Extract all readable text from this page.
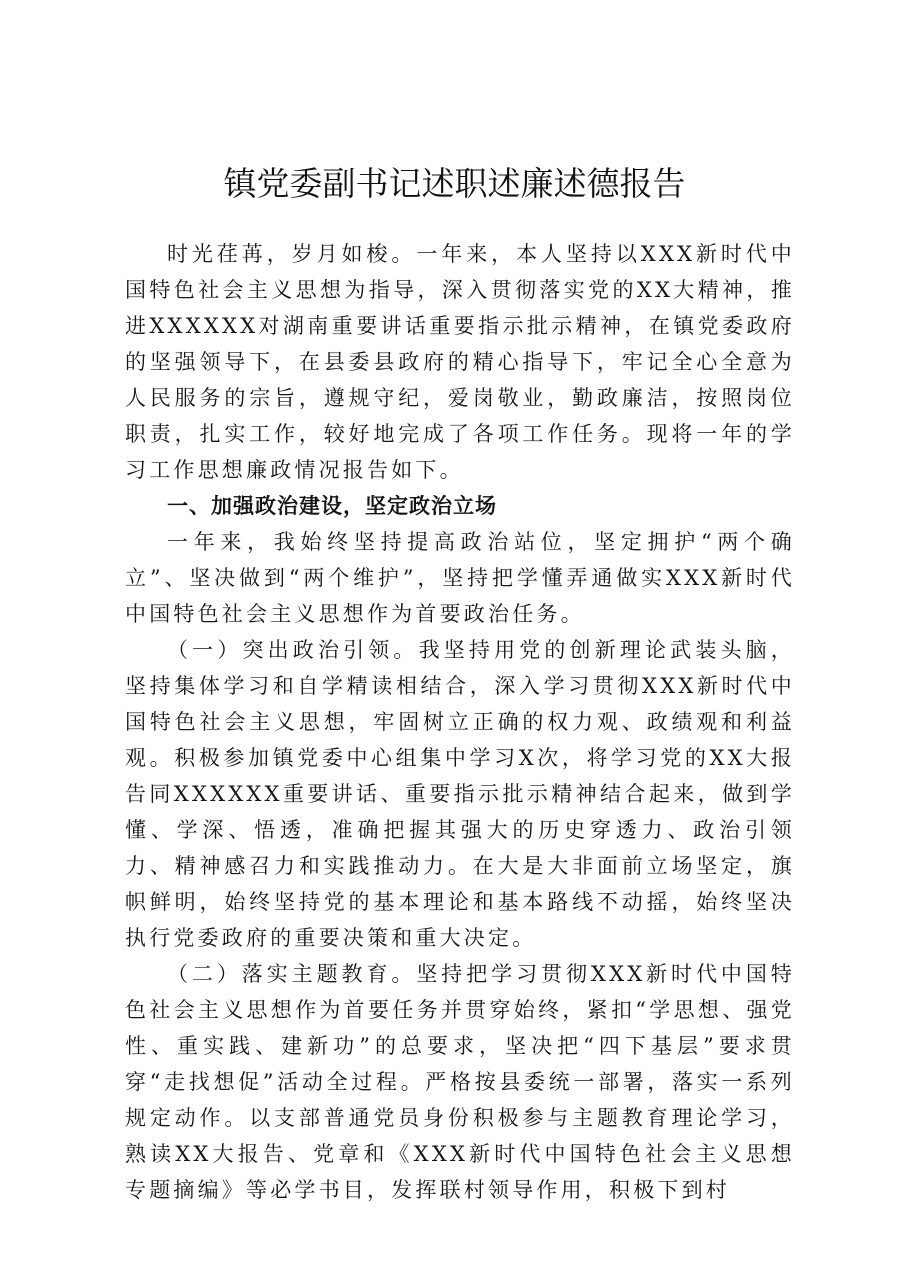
镇党委副书记述职述廉述德报告

时光荏苒，岁月如梭。一年来，本人坚持以XXX新时代中国特色社会主义思想为指导，深入贯彻落实党的XX大精神，推进XXXXXX对湖南重要讲话重要指示批示精神，在镇党委政府的坚强领导下，在县委县政府的精心指导下，牢记全心全意为人民服务的宗旨，遵规守纪，爱岗敬业，勤政廉洁，按照岗位职责，扎实工作，较好地完成了各项工作任务。现将一年的学习工作思想廉政情况报告如下。

一、加强政治建设，坚定政治立场

一年来，我始终坚持提高政治站位，坚定拥护“两个确立”、坚决做到“两个维护”，坚持把学懂弄通做实XXX新时代中国特色社会主义思想作为首要政治任务。

（一）突出政治引领。我坚持用党的创新理论武装头脑，坚持集体学习和自学精读相结合，深入学习贯彻XXX新时代中国特色社会主义思想，牢固树立正确的权力观、政绩观和利益观。积极参加镇党委中心组集中学习X次，将学习党的XX大报告同XXXXXX重要讲话、重要指示批示精神结合起来，做到学懂、学深、悟透，准确把握其强大的历史穿透力、政治引领力、精神感召力和实践推动力。在大是大非面前立场坚定，旗帜鲜明，始终坚持党的基本理论和基本路线不动摇，始终坚决执行党委政府的重要决策和重大决定。

（二）落实主题教育。坚持把学习贯彻XXX新时代中国特色社会主义思想作为首要任务并贯穿始终，紧扣“学思想、强党性、重实践、建新功”的总要求，坚决把“四下基层”要求贯穿“走找想促”活动全过程。严格按县委统一部署，落实一系列规定动作。以支部普通党员身份积极参与主题教育理论学习，熟读XX大报告、党章和《XXX新时代中国特色社会主义思想专题摘编》等必学书目，发挥联村领导作用，积极下到村
